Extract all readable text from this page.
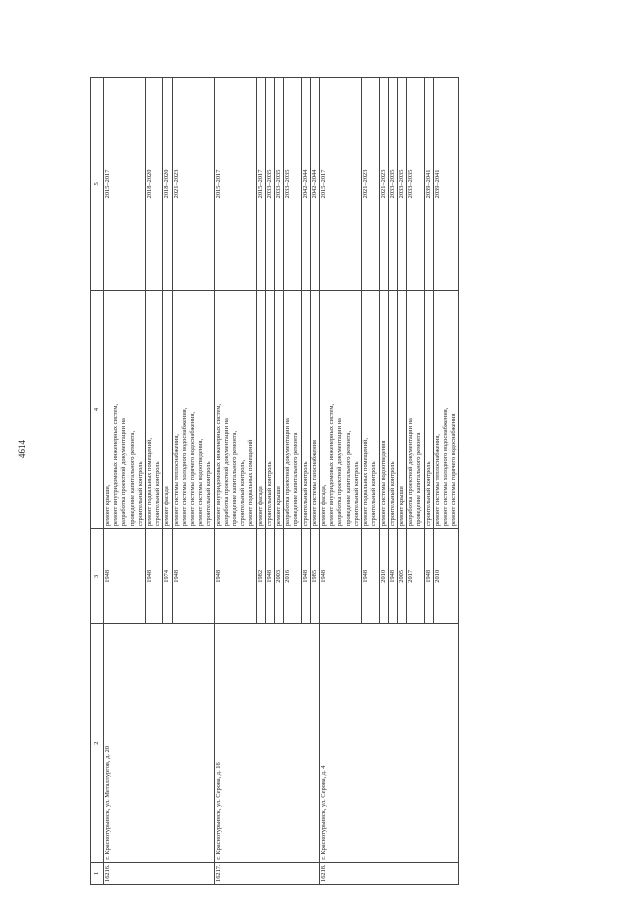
4614
1	2	3	4	5
16216.	г. Краснотурьинск, ул. Металлургов, д. 20	1948	ремонт крыши,
ремонт внутридомовых инженерных систем,
разработка проектной документации на
проведение капитального ремонта,
строительный контроль	2015–2017
		1948	ремонт подвальных помещений,
строительный контроль	2018–2020
		1974	ремонт фасада	2018–2020
		1948	ремонт системы теплоснабжения,
ремонт системы холодного водоснабжения,
ремонт системы горячего водоснабжения,
ремонт системы водоотведения,
строительный контроль	2021–2023
16217.	г. Краснотурьинск, ул. Серова, д. 16	1948	ремонт внутридомовых инженерных систем,
разработка проектной документации на
проведение капитального ремонта,
строительный контроль,
ремонт подвальных помещений	2015–2017
		1982	ремонт фасада	2015–2017
		1948	строительный контроль	2033–2035
		2003	ремонт крыши	2033–2035
		2016	разработка проектной документации на
проведение капитального ремонта	2033–2035
		1948	строительный контроль	2042–2044
		1985	ремонт системы газоснабжения	2042–2044
16218.	г. Краснотурьинск, ул. Серова, д. 4	1948	ремонт фасада,
ремонт внутридомовых инженерных систем,
разработка проектной документации на
проведение капитального ремонта,
строительный контроль	2015–2017
		1948	ремонт подвальных помещений,
строительный контроль	2021–2023
		2010	ремонт системы водоотведения	2021–2023
		1948	строительный контроль	2033–2035
		2005	ремонт крыши	2033–2035
		2017	разработка проектной документации на
проведение капитального ремонта	2033–2035
		1948	строительный контроль	2039–2041
		2010	ремонт системы теплоснабжения,
ремонт системы холодного водоснабжения,
ремонт системы горячего водоснабжения	2039–2041
